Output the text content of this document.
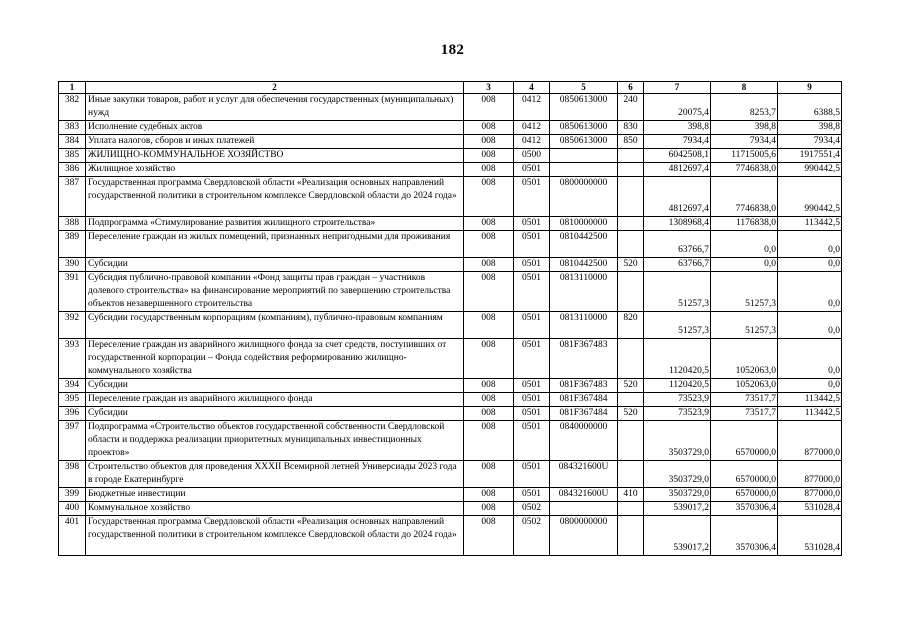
182
1	2	3	4	5	6	7	8	9
382	Иные закупки товаров, работ и услуг для обеспечения государственных (муниципальных) нужд	008	0412	0850613000	240	20075,4	8253,7	6388,5
383	Исполнение судебных актов	008	0412	0850613000	830	398,8	398,8	398,8
384	Уплата налогов, сборов и иных платежей	008	0412	0850613000	850	7934,4	7934,4	7934,4
385	ЖИЛИЩНО-КОММУНАЛЬНОЕ ХОЗЯЙСТВО	008	0500			6042508,1	11715005,6	1917551,4
386	Жилищное хозяйство	008	0501			4812697,4	7746838,0	990442,5
387	Государственная программа Свердловской области «Реализация основных направлений государственной политики в строительном комплексе Свердловской области до 2024 года»	008	0501	0800000000		4812697,4	7746838,0	990442,5
388	Подпрограмма «Стимулирование развития жилищного строительства»	008	0501	0810000000		1308968,4	1176838,0	113442,5
389	Переселение граждан из жилых помещений, признанных непригодными для проживания	008	0501	0810442500		63766,7	0,0	0,0
390	Субсидии	008	0501	0810442500	520	63766,7	0,0	0,0
391	Субсидия публично-правовой компании «Фонд защиты прав граждан – участников долевого строительства» на финансирование мероприятий по завершению строительства объектов незавершенного строительства	008	0501	0813110000		51257,3	51257,3	0,0
392	Субсидии государственным корпорациям (компаниям), публично-правовым компаниям	008	0501	0813110000	820	51257,3	51257,3	0,0
393	Переселение граждан из аварийного жилищного фонда за счет средств, поступивших от государственной корпорации – Фонда содействия реформированию жилищно-коммунального хозяйства	008	0501	081F367483		1120420,5	1052063,0	0,0
394	Субсидии	008	0501	081F367483	520	1120420,5	1052063,0	0,0
395	Переселение граждан из аварийного жилищного фонда	008	0501	081F367484		73523,9	73517,7	113442,5
396	Субсидии	008	0501	081F367484	520	73523,9	73517,7	113442,5
397	Подпрограмма «Строительство объектов государственной собственности Свердловской области и поддержка реализации приоритетных муниципальных инвестиционных проектов»	008	0501	0840000000		3503729,0	6570000,0	877000,0
398	Строительство объектов для проведения XXXII Всемирной летней Универсиады 2023 года в городе Екатеринбурге	008	0501	084321600U		3503729,0	6570000,0	877000,0
399	Бюджетные инвестиции	008	0501	084321600U	410	3503729,0	6570000,0	877000,0
400	Коммунальное хозяйство	008	0502			539017,2	3570306,4	531028,4
401	Государственная программа Свердловской области «Реализация основных направлений государственной политики в строительном комплексе Свердловской области до 2024 года»	008	0502	0800000000		539017,2	3570306,4	531028,4
